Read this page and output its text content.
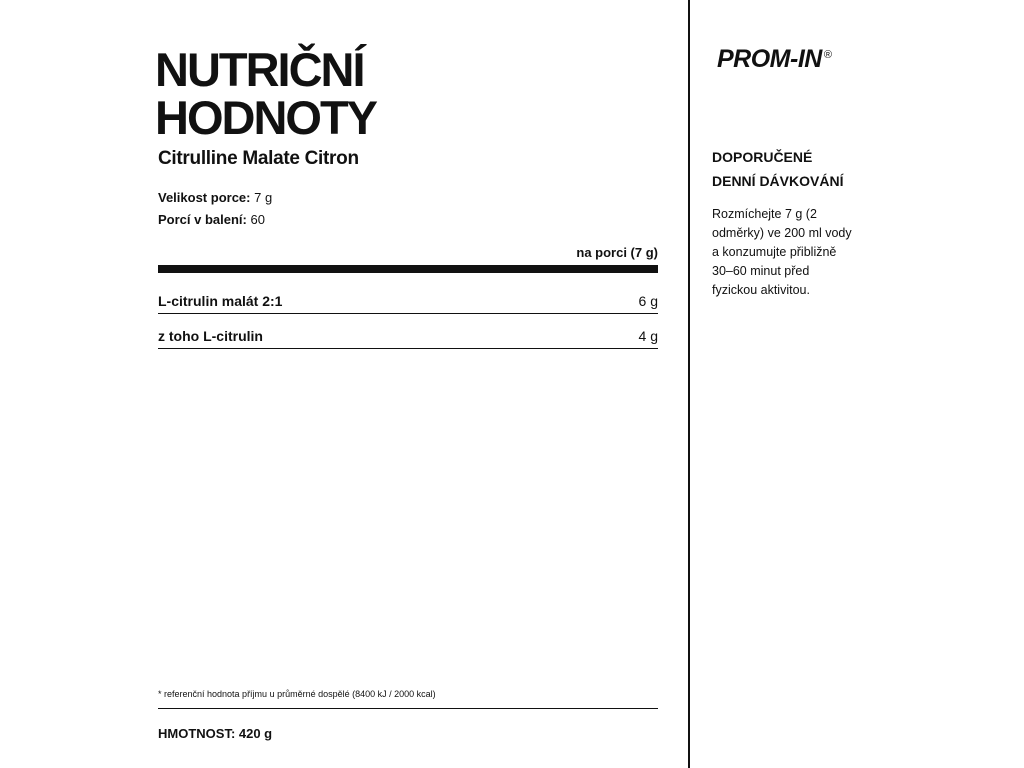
NUTRIČNÍ
HODNOTY
Citrulline Malate Citron
Velikost porce: 7 g
Porcí v balení: 60
na porci (7 g)
L-citrulin malát 2:1	6 g
z toho L-citrulin	4 g
* referenční hodnota příjmu u průměrné dospělé (8400 kJ / 2000 kcal)
HMOTNOST: 420 g
PROM-IN ®
DOPORUČENÉ
DENNÍ DÁVKOVÁNÍ
Rozmíchejte 7 g (2
odměrky) ve 200 ml vody
a konzumujte přibližně
30–60 minut před
fyzickou aktivitou.
